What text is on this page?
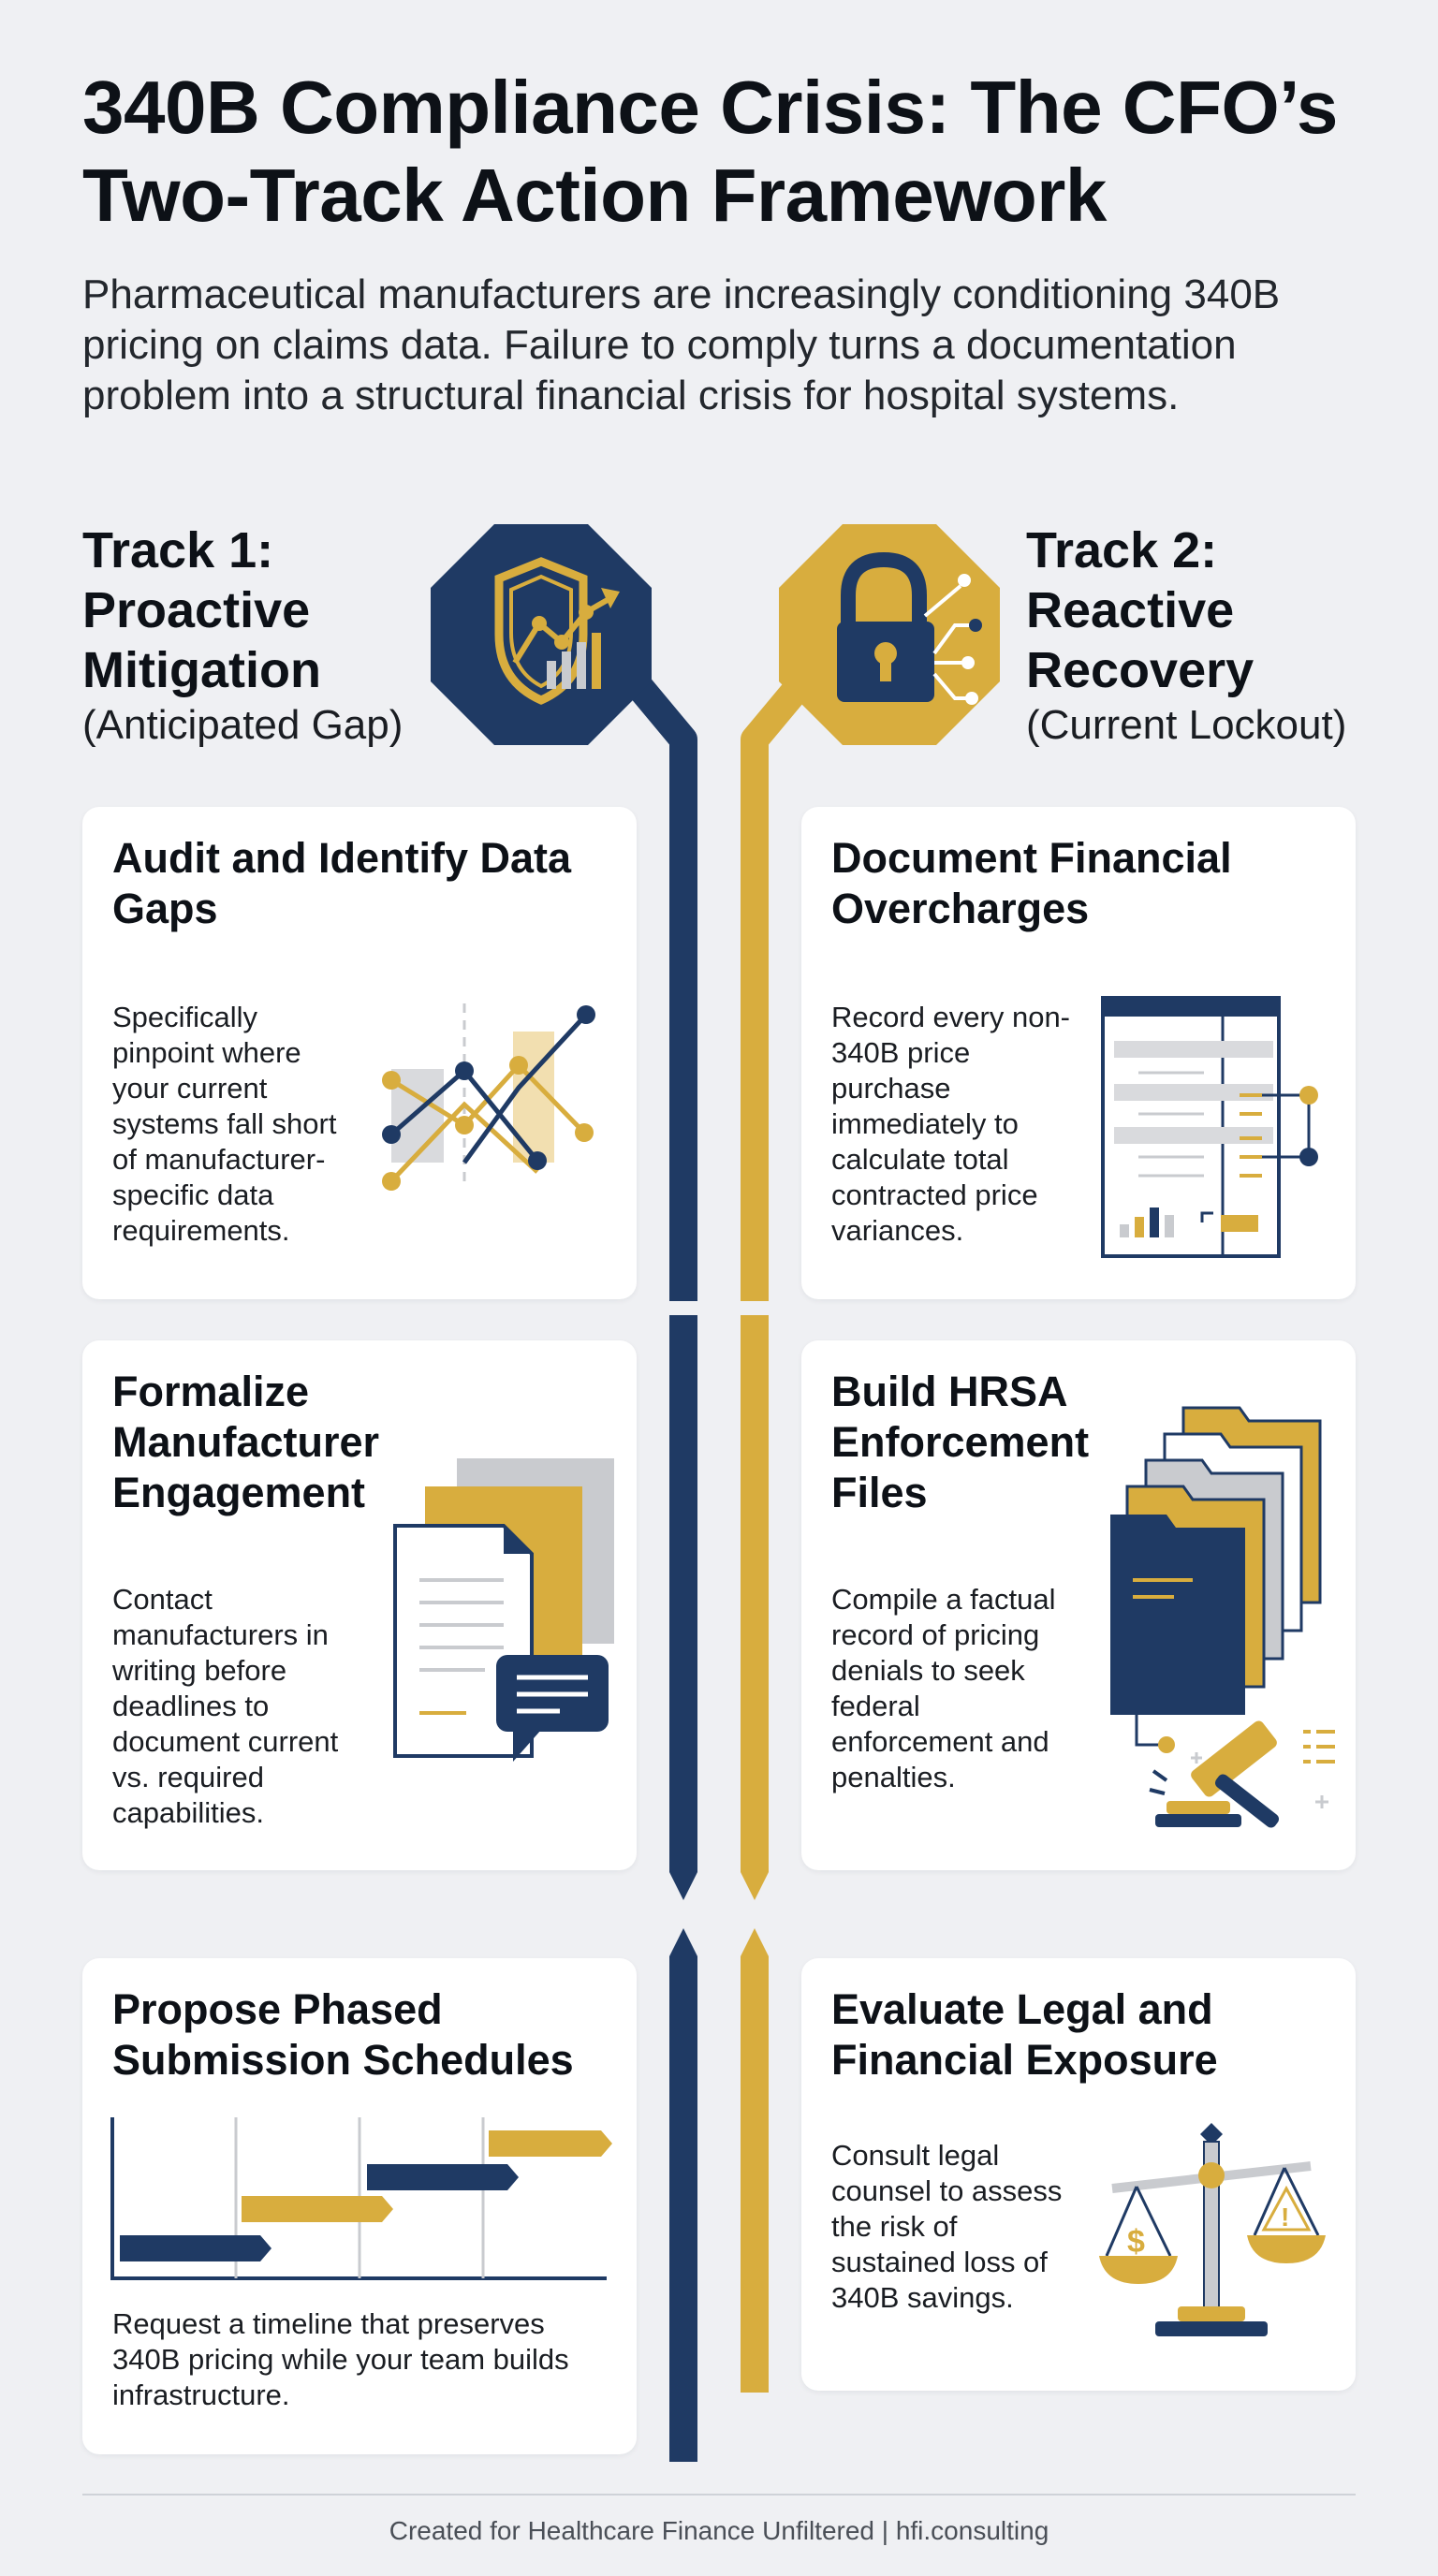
340B Compliance Crisis: The CFO’s Two-Track Action Framework
Pharmaceutical manufacturers are increasingly conditioning 340B pricing on claims data. Failure to comply turns a documentation problem into a structural financial crisis for hospital systems.
Track 1: Proactive Mitigation
(Anticipated Gap)
Track 2: Reactive Recovery
(Current Lockout)
Audit and Identify Data Gaps

Specifically pinpoint where your current systems fall short of manufacturer-specific data requirements.

Formalize Manufacturer Engagement

Contact manufacturers in writing before deadlines to document current vs. required capabilities.

Propose Phased Submission Schedules

Request a timeline that preserves 340B pricing while your team builds infrastructure.

Document Financial Overcharges

Record every non-340B price purchase immediately to calculate total contracted price variances.

Build HRSA Enforcement Files

Compile a factual record of pricing denials to seek federal enforcement and penalties.

Evaluate Legal and Financial Exposure

Consult legal counsel to assess the risk of sustained loss of 340B savings.

$
!
Created for Healthcare Finance Unfiltered | hfi.consulting
